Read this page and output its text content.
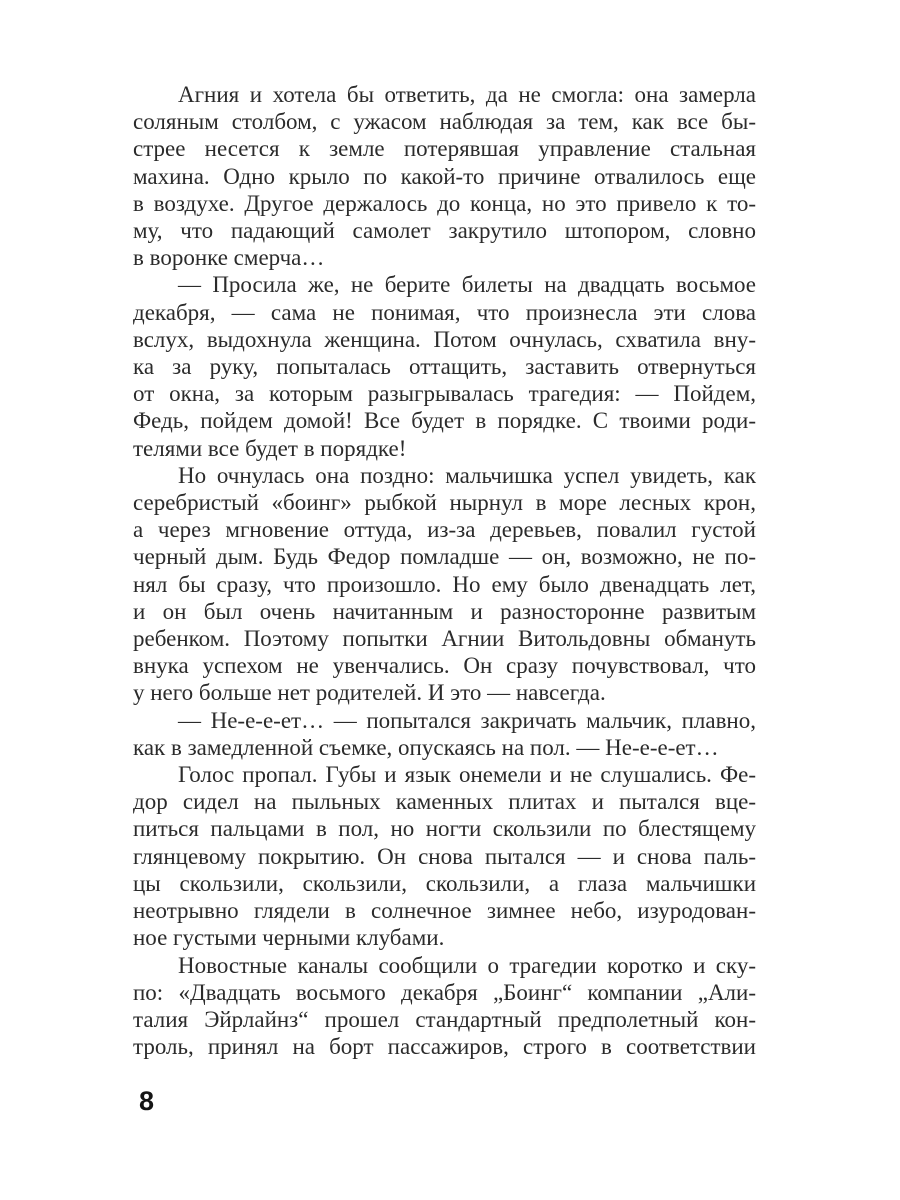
Агния и хотела бы ответить, да не смогла: она замерла
соляным столбом, с ужасом наблюдая за тем, как все бы-
стрее несется к земле потерявшая управление стальная
махина. Одно крыло по какой-то причине отвалилось еще
в воздухе. Другое держалось до конца, но это привело к то-
му, что падающий самолет закрутило штопором, словно
в воронке смерча…
— Просила же, не берите билеты на двадцать восьмое
декабря, — сама не понимая, что произнесла эти слова
вслух, выдохнула женщина. Потом очнулась, схватила вну-
ка за руку, попыталась оттащить, заставить отвернуться
от окна, за которым разыгрывалась трагедия: — Пойдем,
Федь, пойдем домой! Все будет в порядке. С твоими роди-
телями все будет в порядке!
Но очнулась она поздно: мальчишка успел увидеть, как
серебристый «боинг» рыбкой нырнул в море лесных крон,
а через мгновение оттуда, из-за деревьев, повалил густой
черный дым. Будь Федор помладше — он, возможно, не по-
нял бы сразу, что произошло. Но ему было двенадцать лет,
и он был очень начитанным и разносторонне развитым
ребенком. Поэтому попытки Агнии Витольдовны обмануть
внука успехом не увенчались. Он сразу почувствовал, что
у него больше нет родителей. И это — навсегда.
— Не-е-е-ет… — попытался закричать мальчик, плавно,
как в замедленной съемке, опускаясь на пол. — Не-е-е-ет…
Голос пропал. Губы и язык онемели и не слушались. Фе-
дор сидел на пыльных каменных плитах и пытался вце-
питься пальцами в пол, но ногти скользили по блестящему
глянцевому покрытию. Он снова пытался — и снова паль-
цы скользили, скользили, скользили, а глаза мальчишки
неотрывно глядели в солнечное зимнее небо, изуродован-
ное густыми черными клубами.
Новостные каналы сообщили о трагедии коротко и ску-
по: «Двадцать восьмого декабря „Боинг“ компании „Али-
талия Эйрлайнз“ прошел стандартный предполетный кон-
троль, принял на борт пассажиров, строго в соответствии
8
